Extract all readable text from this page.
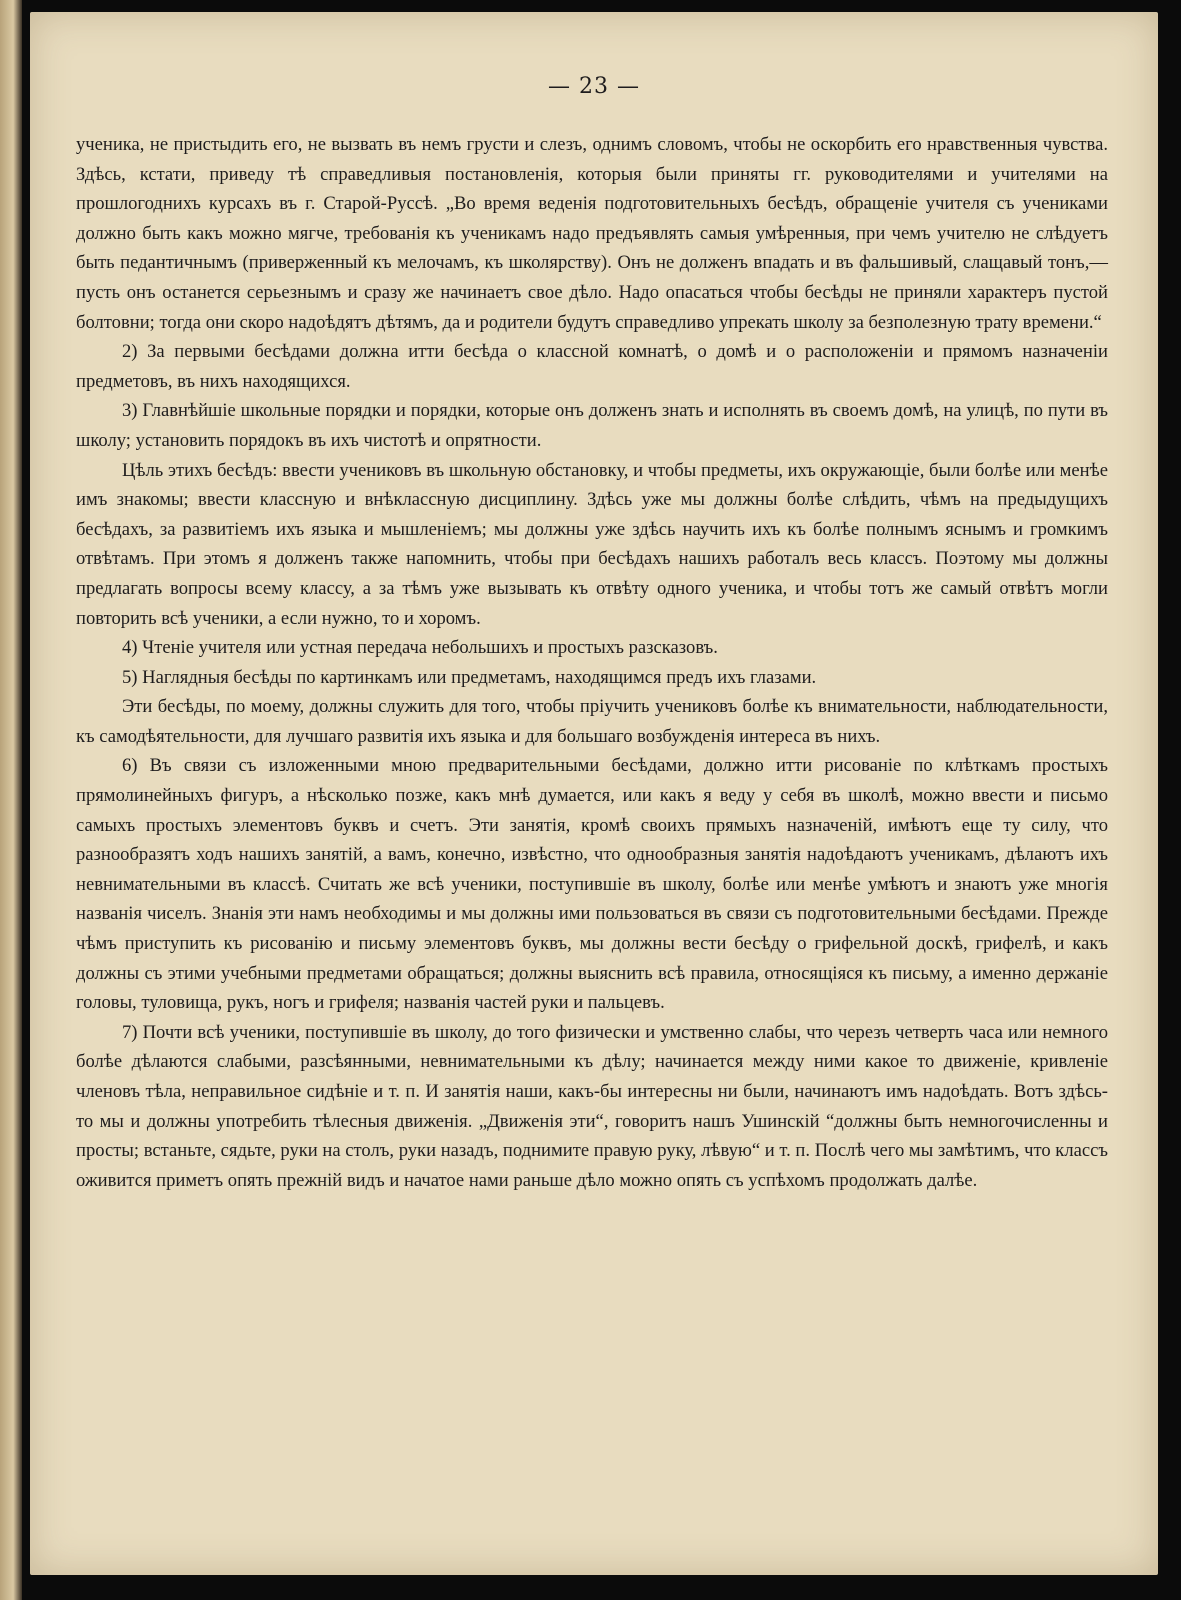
— 23 —

ученика, не пристыдить его, не вызвать въ немъ грусти и слезъ, однимъ словомъ, чтобы не оскорбить его нравственныя чувства. Здѣсь, кстати, приведу тѣ справедливыя постановленія, которыя были приняты гг. руководителями и учителями на прошлогоднихъ курсахъ въ г. Старой-Руссѣ. „Во время веденія подготовительныхъ бесѣдъ, обращеніе учителя съ учениками должно быть какъ можно мягче, требованія къ ученикамъ надо предъявлять самыя умѣренныя, при чемъ учителю не слѣдуетъ быть педантичнымъ (приверженный къ мелочамъ, къ школярству). Онъ не долженъ впадать и въ фальшивый, слащавый тонъ,— пусть онъ останется серьезнымъ и сразу же начинаетъ свое дѣло. Надо опасаться чтобы бесѣды не приняли характеръ пустой болтовни; тогда они скоро надоѣдятъ дѣтямъ, да и родители будутъ справедливо упрекать школу за безполезную трату времени.“

2) За первыми бесѣдами должна итти бесѣда о классной комнатѣ, о домѣ и о расположеніи и прямомъ назначеніи предметовъ, въ нихъ находящихся.

3) Главнѣйшіе школьные порядки и порядки, которые онъ долженъ знать и исполнять въ своемъ домѣ, на улицѣ, по пути въ школу; установить порядокъ въ ихъ чистотѣ и опрятности.

Цѣль этихъ бесѣдъ: ввести учениковъ въ школьную обстановку, и чтобы предметы, ихъ окружающіе, были болѣе или менѣе имъ знакомы; ввести классную и внѣклассную дисциплину. Здѣсь уже мы должны болѣе слѣдить, чѣмъ на предыдущихъ бесѣдахъ, за развитіемъ ихъ языка и мышленіемъ; мы должны уже здѣсь научить ихъ къ болѣе полнымъ яснымъ и громкимъ отвѣтамъ. При этомъ я долженъ также напомнить, чтобы при бесѣдахъ нашихъ работалъ весь классъ. Поэтому мы должны предлагать вопросы всему классу, а за тѣмъ уже вызывать къ отвѣту одного ученика, и чтобы тотъ же самый отвѣтъ могли повторить всѣ ученики, а если нужно, то и хоромъ.

4) Чтеніе учителя или устная передача небольшихъ и простыхъ разсказовъ.

5) Наглядныя бесѣды по картинкамъ или предметамъ, находящимся предъ ихъ глазами.

Эти бесѣды, по моему, должны служить для того, чтобы пріучить учениковъ болѣе къ внимательности, наблюдательности, къ самодѣятельности, для лучшаго развитія ихъ языка и для большаго возбужденія интереса въ нихъ.

6) Въ связи съ изложенными мною предварительными бесѣдами, должно итти рисованіе по клѣткамъ простыхъ прямолинейныхъ фигуръ, а нѣсколько позже, какъ мнѣ думается, или какъ я веду у себя въ школѣ, можно ввести и письмо самыхъ простыхъ элементовъ буквъ и счетъ. Эти занятія, кромѣ своихъ прямыхъ назначеній, имѣютъ еще ту силу, что разнообразятъ ходъ нашихъ занятій, а вамъ, конечно, извѣстно, что однообразныя занятія надоѣдаютъ ученикамъ, дѣлаютъ ихъ невнимательными въ классѣ. Считать же всѣ ученики, поступившіе въ школу, болѣе или менѣе умѣютъ и знаютъ уже многія названія чиселъ. Знанія эти намъ необходимы и мы должны ими пользоваться въ связи съ подготовительными бесѣдами. Прежде чѣмъ приступить къ рисованію и письму элементовъ буквъ, мы должны вести бесѣду о грифельной доскѣ, грифелѣ, и какъ должны съ этими учебными предметами обращаться; должны выяснить всѣ правила, относящіяся къ письму, а именно держаніе головы, туловища, рукъ, ногъ и грифеля; названія частей руки и пальцевъ.

7) Почти всѣ ученики, поступившіе въ школу, до того физически и умственно слабы, что черезъ четверть часа или немного болѣе дѣлаются слабыми, разсѣянными, невнимательными къ дѣлу; начинается между ними какое то движеніе, кривленіе членовъ тѣла, неправильное сидѣніе и т. п. И занятія наши, какъ-бы интересны ни были, начинаютъ имъ надоѣдать. Вотъ здѣсь-то мы и должны употребить тѣлесныя движенія. „Движенія эти“, говоритъ нашъ Ушинскій “должны быть немногочисленны и просты; встаньте, сядьте, руки на столъ, руки назадъ, поднимите правую руку, лѣвую“ и т. п. Послѣ чего мы замѣтимъ, что классъ оживится приметъ опять прежній видъ и начатое нами раньше дѣло можно опять съ успѣхомъ продолжать далѣе.
